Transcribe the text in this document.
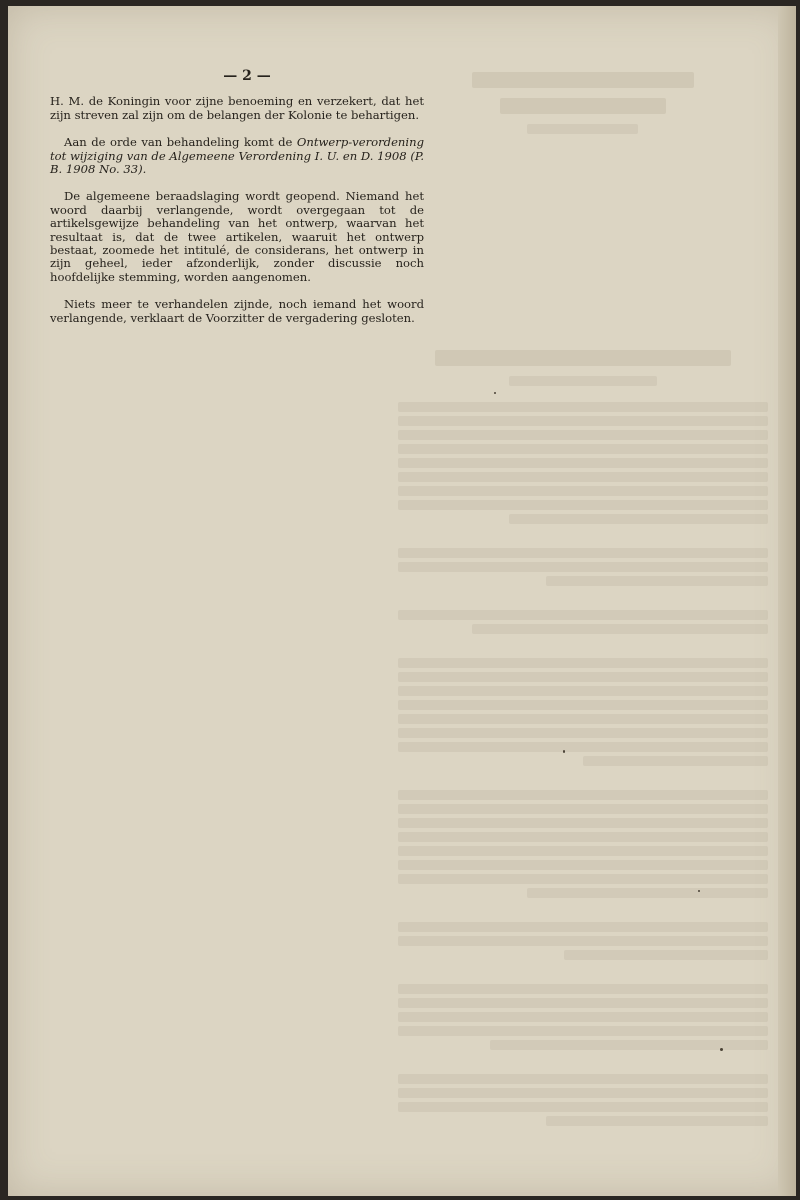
— 2 —

H. M. de Koningin voor zijne benoeming en verzekert, dat het zijn streven zal zijn om de belangen der Kolonie te behartigen.

Aan de orde van behandeling komt de Ontwerp-verordening tot wijziging van de Algemeene Verordening I. U. en D. 1908 (P. B. 1908 No. 33).

De algemeene beraadslaging wordt geopend. Niemand het woord daarbij verlangende, wordt overgegaan tot de artikelsgewijze behandeling van het ontwerp, waarvan het resultaat is, dat de twee artikelen, waaruit het ontwerp bestaat, zoomede het intitulé, de considerans, het ontwerp in zijn geheel, ieder afzonderlijk, zonder discussie noch hoofdelijke stemming, worden aangenomen.

Niets meer te verhandelen zijnde, noch iemand het woord verlangende, verklaart de Voorzitter de vergadering gesloten.
